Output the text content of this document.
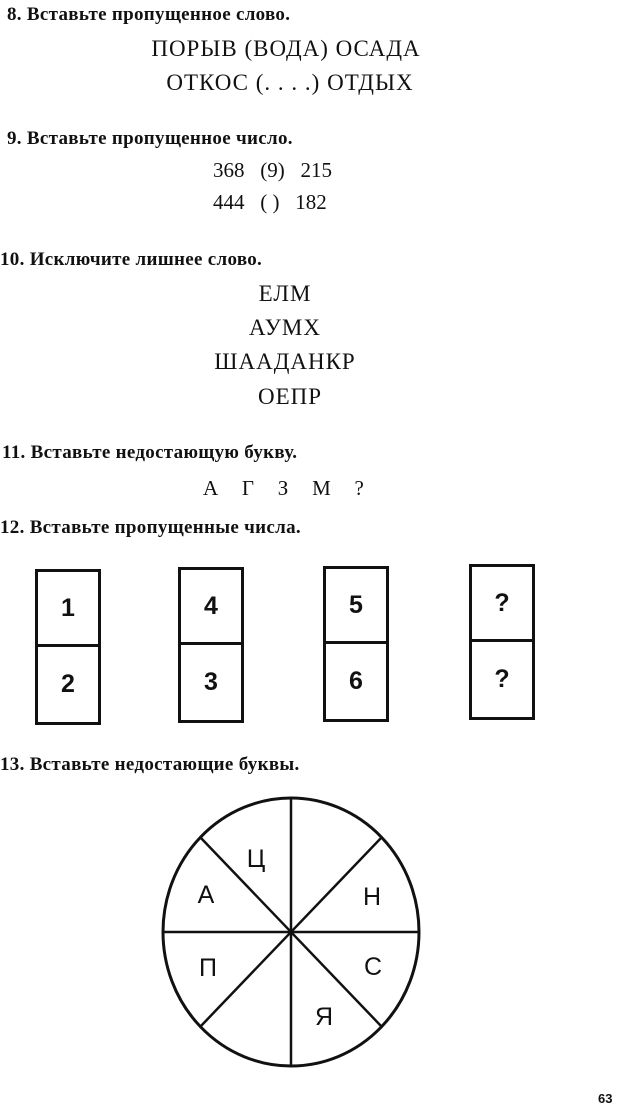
8. Вставьте пропущенное слово.
ПОРЫВ (ВОДА) ОСАДА
ОТКОС (. . . .) ОТДЫХ
9. Вставьте пропущенное число.
368   (9)   215
444   ( )   182
10. Исключите лишнее слово.
ЕЛМ
АУМХ
ШААДАНКР
ОЕПР
11. Вставьте недостающую букву.
А   Г   З   М   ?
12. Вставьте пропущенные числа.
1
2
4
3
5
6
?
?
13. Вставьте недостающие буквы.
Ц
Н
С
Я
П
А
63
